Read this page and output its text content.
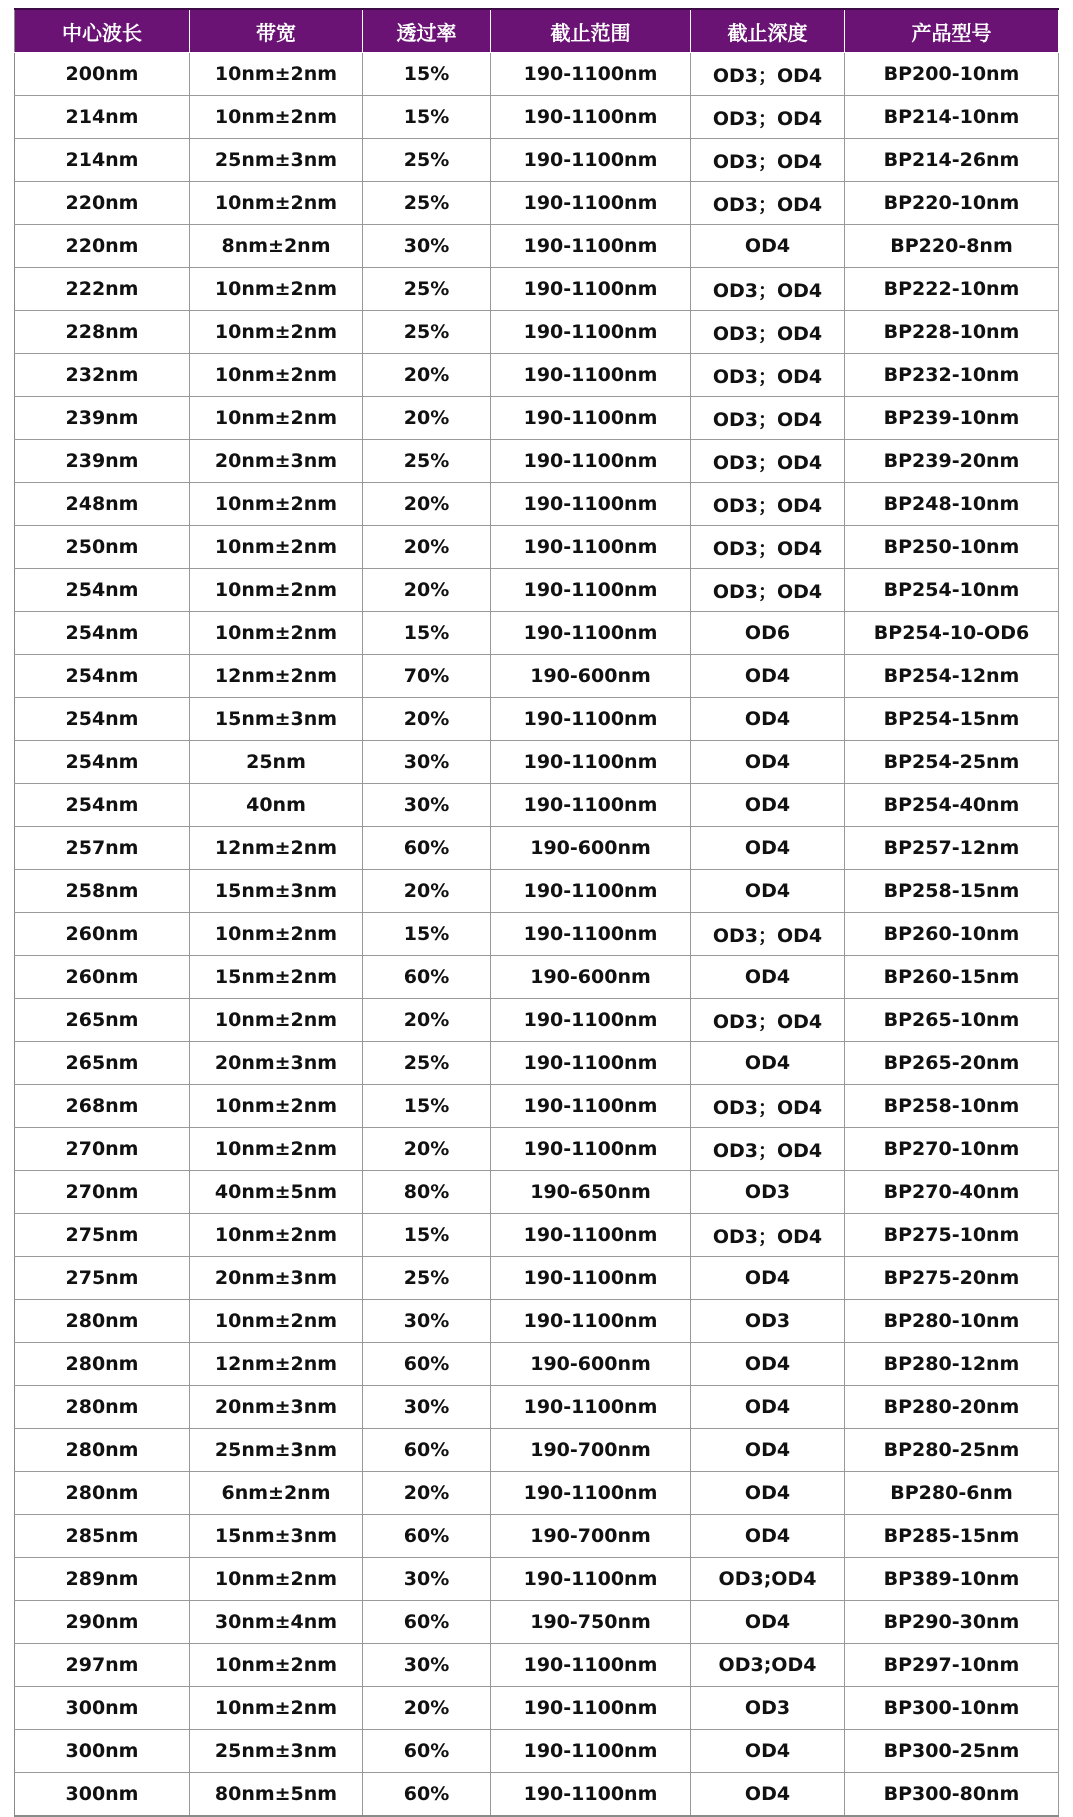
中心波长	带宽	透过率	截止范围	截止深度	产品型号
200nm	10nm±2nm	15%	190-1100nm	OD3；OD4	BP200-10nm
214nm	10nm±2nm	15%	190-1100nm	OD3；OD4	BP214-10nm
214nm	25nm±3nm	25%	190-1100nm	OD3；OD4	BP214-26nm
220nm	10nm±2nm	25%	190-1100nm	OD3；OD4	BP220-10nm
220nm	8nm±2nm	30%	190-1100nm	OD4	BP220-8nm
222nm	10nm±2nm	25%	190-1100nm	OD3；OD4	BP222-10nm
228nm	10nm±2nm	25%	190-1100nm	OD3；OD4	BP228-10nm
232nm	10nm±2nm	20%	190-1100nm	OD3；OD4	BP232-10nm
239nm	10nm±2nm	20%	190-1100nm	OD3；OD4	BP239-10nm
239nm	20nm±3nm	25%	190-1100nm	OD3；OD4	BP239-20nm
248nm	10nm±2nm	20%	190-1100nm	OD3；OD4	BP248-10nm
250nm	10nm±2nm	20%	190-1100nm	OD3；OD4	BP250-10nm
254nm	10nm±2nm	20%	190-1100nm	OD3；OD4	BP254-10nm
254nm	10nm±2nm	15%	190-1100nm	OD6	BP254-10-OD6
254nm	12nm±2nm	70%	190-600nm	OD4	BP254-12nm
254nm	15nm±3nm	20%	190-1100nm	OD4	BP254-15nm
254nm	25nm	30%	190-1100nm	OD4	BP254-25nm
254nm	40nm	30%	190-1100nm	OD4	BP254-40nm
257nm	12nm±2nm	60%	190-600nm	OD4	BP257-12nm
258nm	15nm±3nm	20%	190-1100nm	OD4	BP258-15nm
260nm	10nm±2nm	15%	190-1100nm	OD3；OD4	BP260-10nm
260nm	15nm±2nm	60%	190-600nm	OD4	BP260-15nm
265nm	10nm±2nm	20%	190-1100nm	OD3；OD4	BP265-10nm
265nm	20nm±3nm	25%	190-1100nm	OD4	BP265-20nm
268nm	10nm±2nm	15%	190-1100nm	OD3；OD4	BP258-10nm
270nm	10nm±2nm	20%	190-1100nm	OD3；OD4	BP270-10nm
270nm	40nm±5nm	80%	190-650nm	OD3	BP270-40nm
275nm	10nm±2nm	15%	190-1100nm	OD3；OD4	BP275-10nm
275nm	20nm±3nm	25%	190-1100nm	OD4	BP275-20nm
280nm	10nm±2nm	30%	190-1100nm	OD3	BP280-10nm
280nm	12nm±2nm	60%	190-600nm	OD4	BP280-12nm
280nm	20nm±3nm	30%	190-1100nm	OD4	BP280-20nm
280nm	25nm±3nm	60%	190-700nm	OD4	BP280-25nm
280nm	6nm±2nm	20%	190-1100nm	OD4	BP280-6nm
285nm	15nm±3nm	60%	190-700nm	OD4	BP285-15nm
289nm	10nm±2nm	30%	190-1100nm	OD3;OD4	BP389-10nm
290nm	30nm±4nm	60%	190-750nm	OD4	BP290-30nm
297nm	10nm±2nm	30%	190-1100nm	OD3;OD4	BP297-10nm
300nm	10nm±2nm	20%	190-1100nm	OD3	BP300-10nm
300nm	25nm±3nm	60%	190-1100nm	OD4	BP300-25nm
300nm	80nm±5nm	60%	190-1100nm	OD4	BP300-80nm
